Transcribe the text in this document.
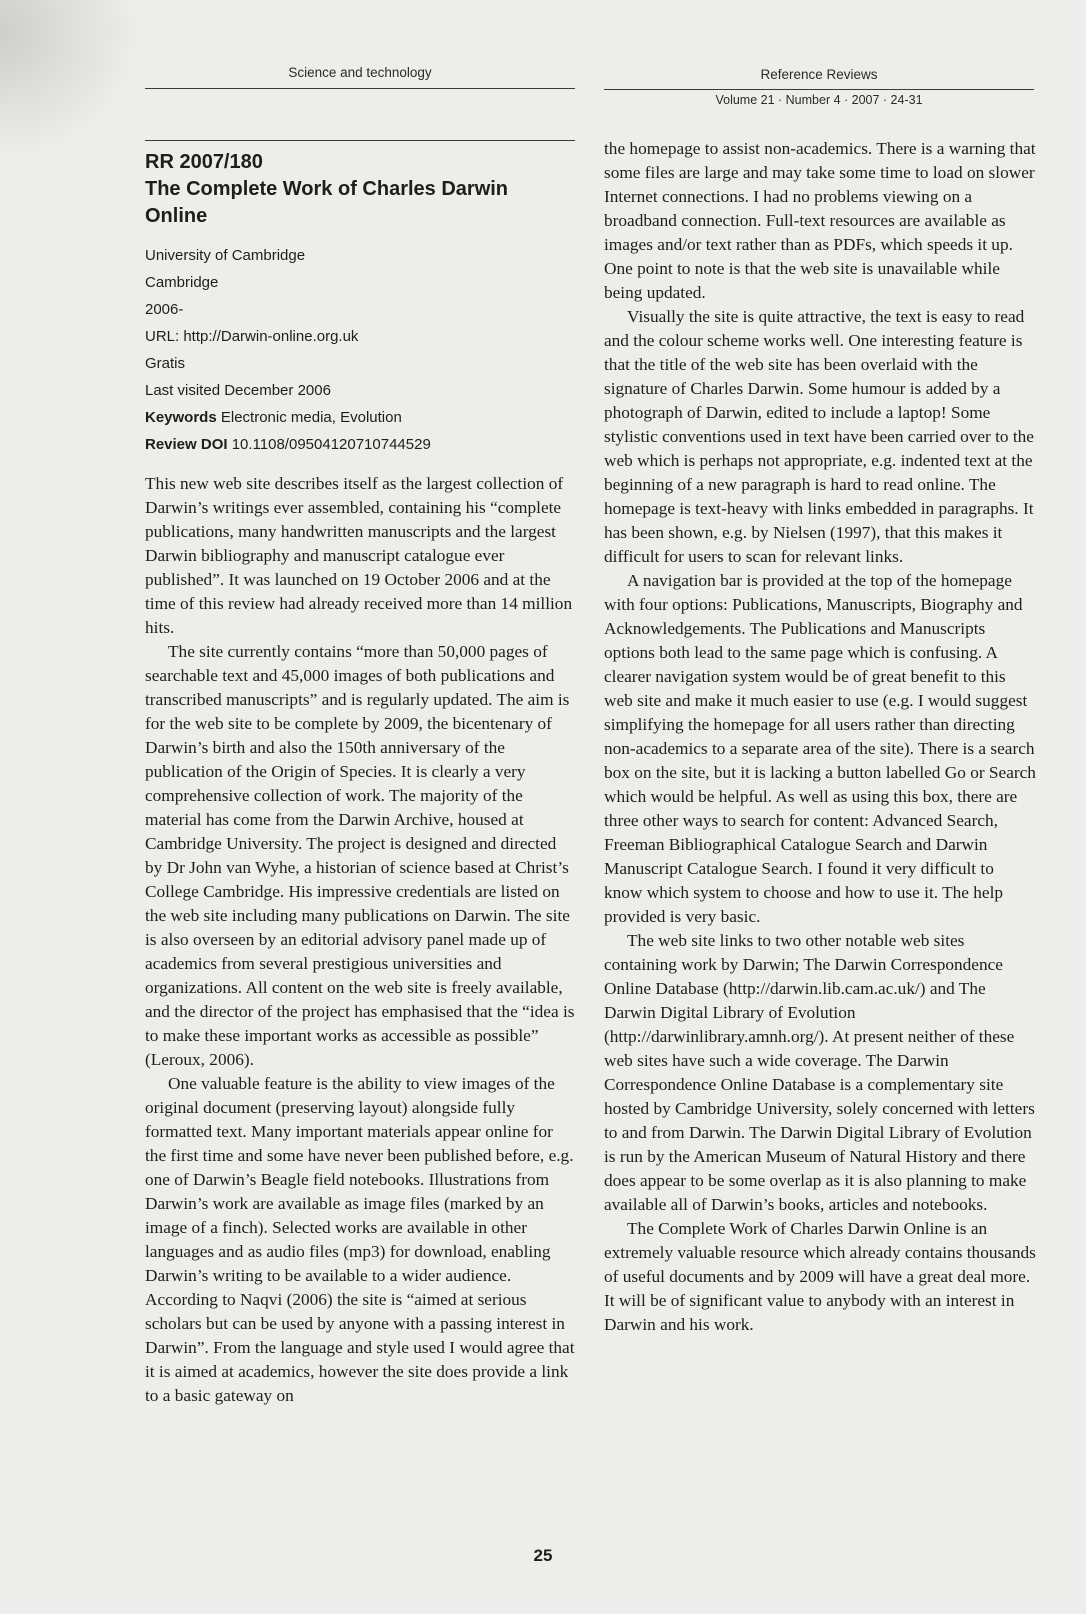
Science and technology	Reference Reviews
Volume 21 · Number 4 · 2007 · 24-31
RR 2007/180
The Complete Work of Charles Darwin Online
University of Cambridge
Cambridge
2006-
URL: http://Darwin-online.org.uk
Gratis
Last visited December 2006
Keywords Electronic media, Evolution
Review DOI 10.1108/09504120710744529

This new web site describes itself as the largest collection of Darwin’s writings ever assembled, containing his “complete publications, many handwritten manuscripts and the largest Darwin bibliography and manuscript catalogue ever published”. It was launched on 19 October 2006 and at the time of this review had already received more than 14 million hits.

The site currently contains “more than 50,000 pages of searchable text and 45,000 images of both publications and transcribed manuscripts” and is regularly updated. The aim is for the web site to be complete by 2009, the bicentenary of Darwin’s birth and also the 150th anniversary of the publication of the Origin of Species. It is clearly a very comprehensive collection of work. The majority of the material has come from the Darwin Archive, housed at Cambridge University. The project is designed and directed by Dr John van Wyhe, a historian of science based at Christ’s College Cambridge. His impressive credentials are listed on the web site including many publications on Darwin. The site is also overseen by an editorial advisory panel made up of academics from several prestigious universities and organizations. All content on the web site is freely available, and the director of the project has emphasised that the “idea is to make these important works as accessible as possible” (Leroux, 2006).

One valuable feature is the ability to view images of the original document (preserving layout) alongside fully formatted text. Many important materials appear online for the first time and some have never been published before, e.g. one of Darwin’s Beagle field notebooks. Illustrations from Darwin’s work are available as image files (marked by an image of a finch). Selected works are available in other languages and as audio files (mp3) for download, enabling Darwin’s writing to be available to a wider audience. According to Naqvi (2006) the site is “aimed at serious scholars but can be used by anyone with a passing interest in Darwin”. From the language and style used I would agree that it is aimed at academics, however the site does provide a link to a basic gateway on

the homepage to assist non-academics. There is a warning that some files are large and may take some time to load on slower Internet connections. I had no problems viewing on a broadband connection. Full-text resources are available as images and/or text rather than as PDFs, which speeds it up. One point to note is that the web site is unavailable while being updated.

Visually the site is quite attractive, the text is easy to read and the colour scheme works well. One interesting feature is that the title of the web site has been overlaid with the signature of Charles Darwin. Some humour is added by a photograph of Darwin, edited to include a laptop! Some stylistic conventions used in text have been carried over to the web which is perhaps not appropriate, e.g. indented text at the beginning of a new paragraph is hard to read online. The homepage is text-heavy with links embedded in paragraphs. It has been shown, e.g. by Nielsen (1997), that this makes it difficult for users to scan for relevant links.

A navigation bar is provided at the top of the homepage with four options: Publications, Manuscripts, Biography and Acknowledgements. The Publications and Manuscripts options both lead to the same page which is confusing. A clearer navigation system would be of great benefit to this web site and make it much easier to use (e.g. I would suggest simplifying the homepage for all users rather than directing non-academics to a separate area of the site). There is a search box on the site, but it is lacking a button labelled Go or Search which would be helpful. As well as using this box, there are three other ways to search for content: Advanced Search, Freeman Bibliographical Catalogue Search and Darwin Manuscript Catalogue Search. I found it very difficult to know which system to choose and how to use it. The help provided is very basic.

The web site links to two other notable web sites containing work by Darwin; The Darwin Correspondence Online Database (http://darwin.lib.cam.ac.uk/) and The Darwin Digital Library of Evolution (http://darwinlibrary.amnh.org/). At present neither of these web sites have such a wide coverage. The Darwin Correspondence Online Database is a complementary site hosted by Cambridge University, solely concerned with letters to and from Darwin. The Darwin Digital Library of Evolution is run by the American Museum of Natural History and there does appear to be some overlap as it is also planning to make available all of Darwin’s books, articles and notebooks.

The Complete Work of Charles Darwin Online is an extremely valuable resource which already contains thousands of useful documents and by 2009 will have a great deal more. It will be of significant value to anybody with an interest in Darwin and his work.

25
